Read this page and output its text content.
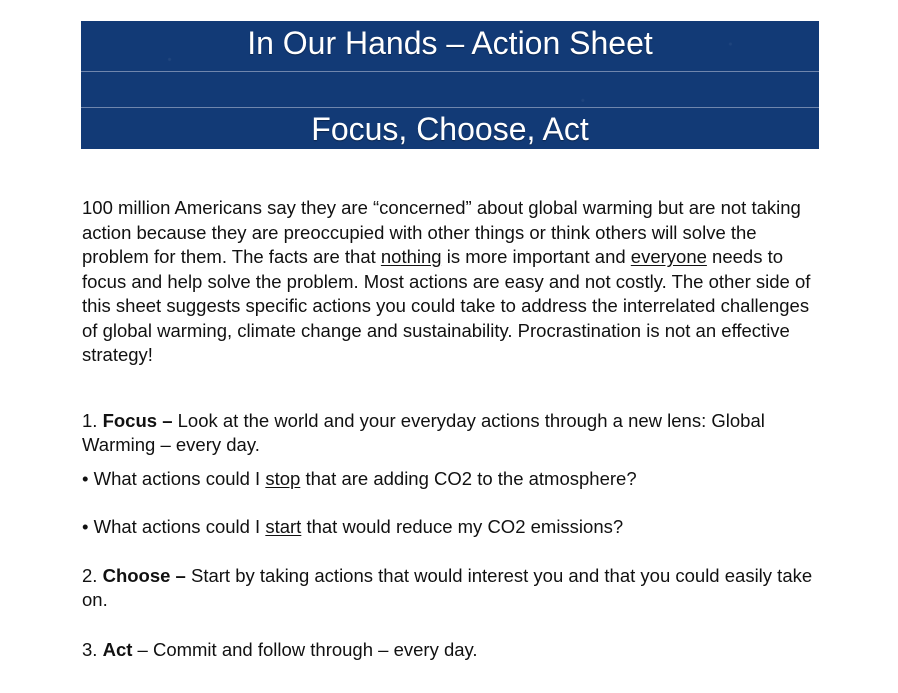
In Our Hands – Action Sheet
Focus, Choose, Act

100 million Americans say they are “concerned” about global warming but are not taking action because they are preoccupied with other things or think others will solve the problem for them. The facts are that nothing is more important and everyone needs to focus and help solve the problem. Most actions are easy and not costly. The other side of this sheet suggests specific actions you could take to address the interrelated challenges of global warming, climate change and sustainability. Procrastination is not an effective strategy!

1. Focus – Look at the world and your everyday actions through a new lens: Global Warming – every day.

• What actions could I stop that are adding CO2 to the atmosphere?

• What actions could I start that would reduce my CO2 emissions?

2. Choose – Start by taking actions that would interest you and that you could easily take on.

3. Act – Commit and follow through – every day.
